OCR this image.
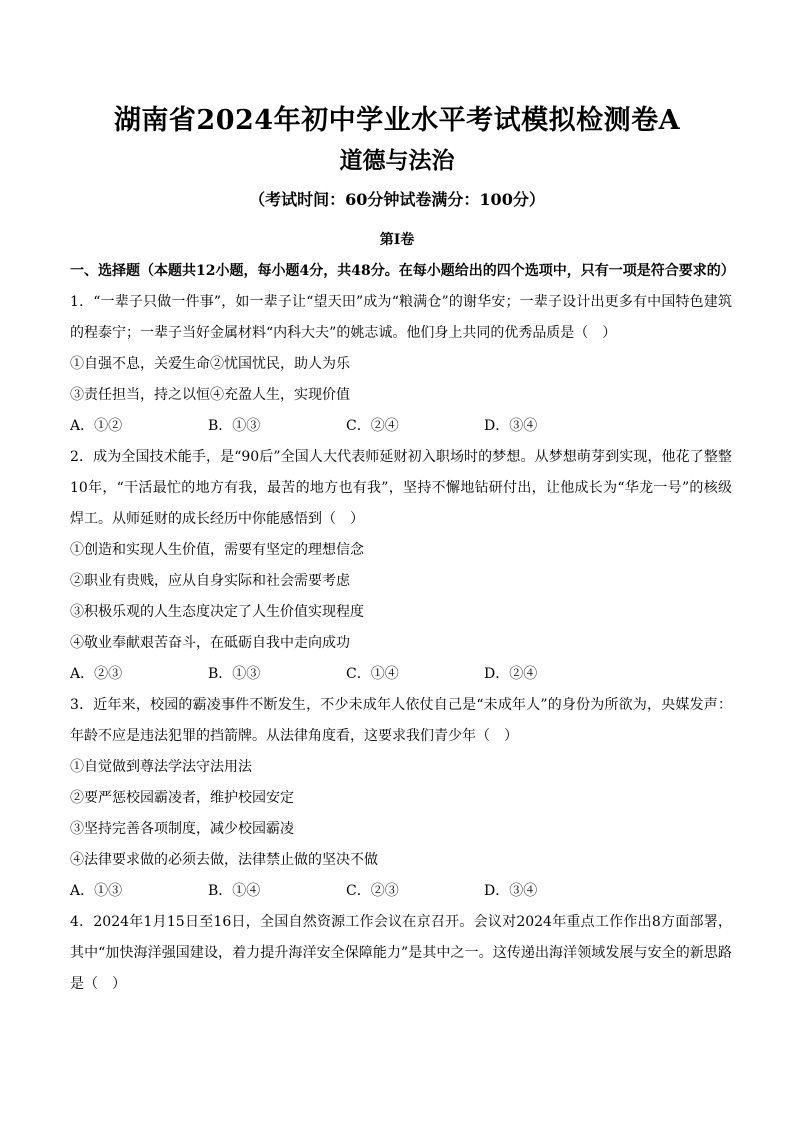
湖南省2024年初中学业水平考试模拟检测卷A
道德与法治
（考试时间：60分钟试卷满分：100分）
第I卷
一、选择题（本题共12小题，每小题4分，共48分。在每小题给出的四个选项中，只有一项是符合要求的）
1．“一辈子只做一件事”，如一辈子让“望天田”成为“粮满仓”的谢华安；一辈子设计出更多有中国特色建筑的程泰宁；一辈子当好金属材料“内科大夫”的姚志诚。他们身上共同的优秀品质是（　）
①自强不息，关爱生命②忧国忧民，助人为乐
③责任担当，持之以恒④充盈人生，实现价值
A．①②	B．①③	C．②④	D．③④
2．成为全国技术能手，是“90后”全国人大代表师延财初入职场时的梦想。从梦想萌芽到实现，他花了整整10年，“干活最忙的地方有我，最苦的地方也有我”，坚持不懈地钻研付出，让他成长为“华龙一号”的核级焊工。从师延财的成长经历中你能感悟到（　）
①创造和实现人生价值，需要有坚定的理想信念
②职业有贵贱，应从自身实际和社会需要考虑
③积极乐观的人生态度决定了人生价值实现程度
④敬业奉献艰苦奋斗，在砥砺自我中走向成功
A．②③	B．①③	C．①④	D．②④
3．近年来，校园的霸凌事件不断发生，不少未成年人依仗自己是“未成年人”的身份为所欲为，央媒发声：年龄不应是违法犯罪的挡箭牌。从法律角度看，这要求我们青少年（　）
①自觉做到尊法学法守法用法
②要严惩校园霸凌者，维护校园安定
③坚持完善各项制度，减少校园霸凌
④法律要求做的必须去做，法律禁止做的坚决不做
A．①③	B．①④	C．②③	D．③④
4．2024年1月15日至16日，全国自然资源工作会议在京召开。会议对2024年重点工作作出8方面部署，其中“加快海洋强国建设，着力提升海洋安全保障能力”是其中之一。这传递出海洋领域发展与安全的新思路是（　）
